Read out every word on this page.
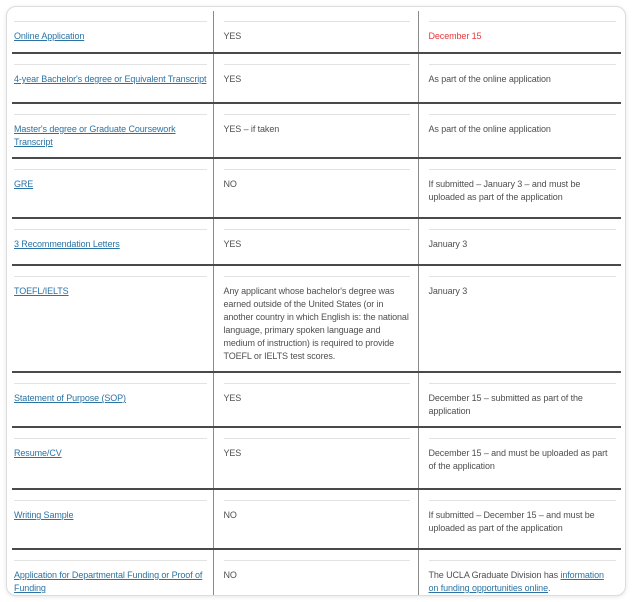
Online Application	YES	December 15

4-year Bachelor's degree or Equivalent Transcript	YES	As part of the online application

Master's degree or Graduate Coursework Transcript	YES – if taken	As part of the online application

GRE	NO	If submitted – January 3 – and must be uploaded as part of the application

3 Recommendation Letters	YES	January 3

TOEFL/IELTS	Any applicant whose bachelor's degree was earned outside of the United States (or in another country in which English is: the national language, primary spoken language and medium of instruction) is required to provide TOEFL or IELTS test scores.	January 3

Statement of Purpose (SOP)	YES	December 15 – submitted as part of the application

Resume/CV	YES	December 15 – and must be uploaded as part of the application

Writing Sample	NO	If submitted – December 15 – and must be uploaded as part of the application

Application for Departmental Funding or Proof of Funding	NO	The UCLA Graduate Division has information on funding opportunities online.
